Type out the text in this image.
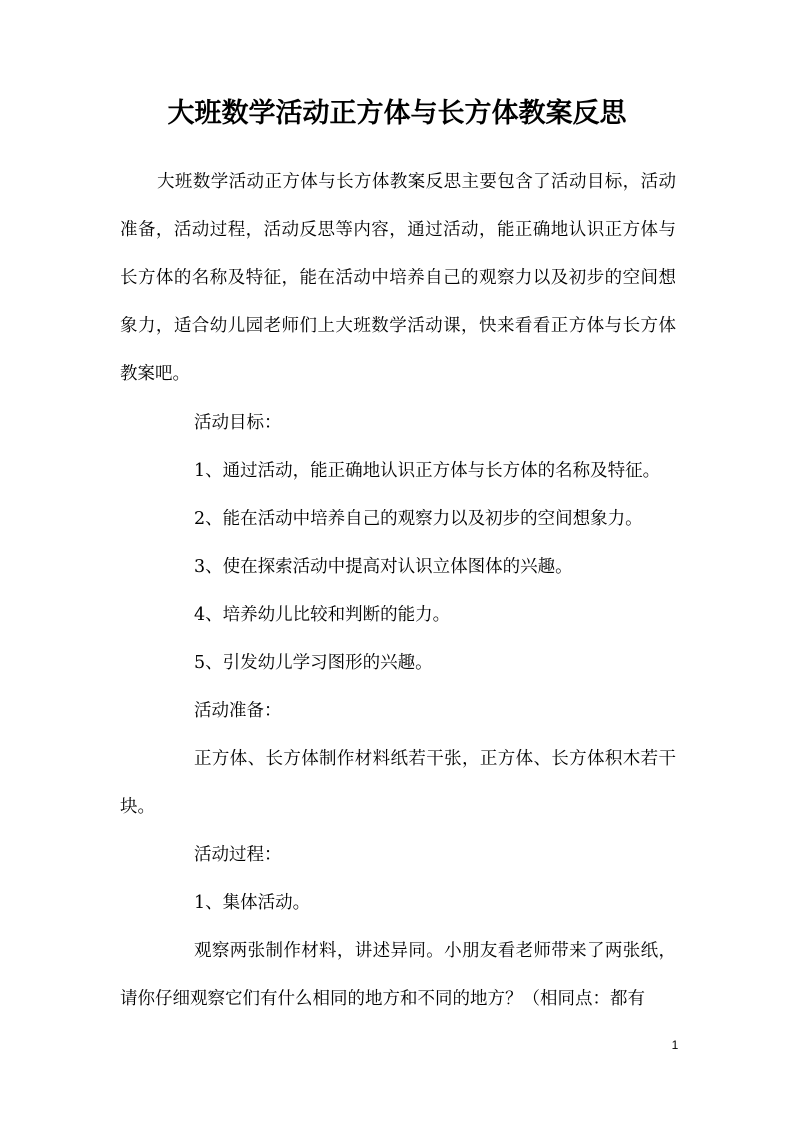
大班数学活动正方体与长方体教案反思
大班数学活动正方体与长方体教案反思主要包含了活动目标，活动准备，活动过程，活动反思等内容，通过活动，能正确地认识正方体与长方体的名称及特征，能在活动中培养自己的观察力以及初步的空间想象力，适合幼儿园老师们上大班数学活动课，快来看看正方体与长方体教案吧。
活动目标：
1、通过活动，能正确地认识正方体与长方体的名称及特征。
2、能在活动中培养自己的观察力以及初步的空间想象力。
3、使在探索活动中提高对认识立体图体的兴趣。
4、培养幼儿比较和判断的能力。
5、引发幼儿学习图形的兴趣。
活动准备：
正方体、长方体制作材料纸若干张，正方体、长方体积木若干块。
活动过程：
1、集体活动。
观察两张制作材料，讲述异同。小朋友看老师带来了两张纸，请你仔细观察它们有什么相同的地方和不同的地方？（相同点：都有
1
